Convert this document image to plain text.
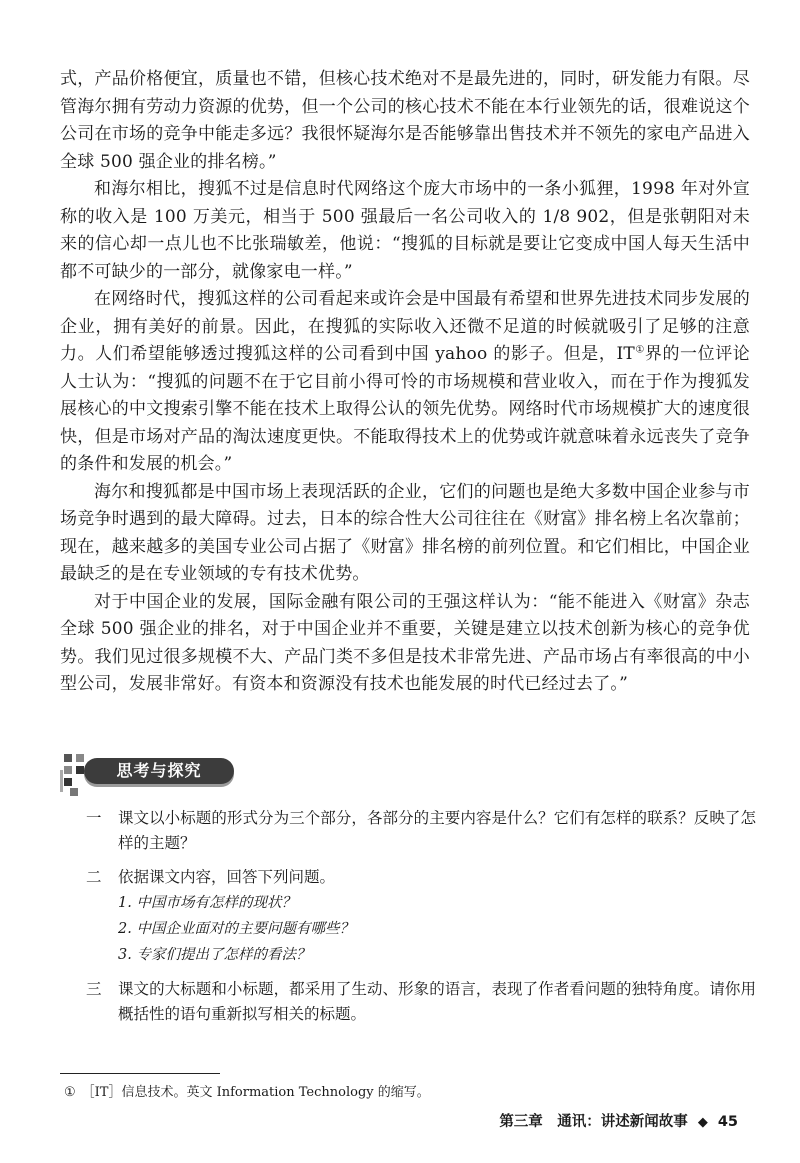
式，产品价格便宜，质量也不错，但核心技术绝对不是最先进的，同时，研发能力有限。尽管海尔拥有劳动力资源的优势，但一个公司的核心技术不能在本行业领先的话，很难说这个公司在市场的竞争中能走多远？我很怀疑海尔是否能够靠出售技术并不领先的家电产品进入全球 500 强企业的排名榜。”

和海尔相比，搜狐不过是信息时代网络这个庞大市场中的一条小狐狸，1998 年对外宣称的收入是 100 万美元，相当于 500 强最后一名公司收入的 1/8 902，但是张朝阳对未来的信心却一点儿也不比张瑞敏差，他说：“搜狐的目标就是要让它变成中国人每天生活中都不可缺少的一部分，就像家电一样。”

在网络时代，搜狐这样的公司看起来或许会是中国最有希望和世界先进技术同步发展的企业，拥有美好的前景。因此，在搜狐的实际收入还微不足道的时候就吸引了足够的注意力。人们希望能够透过搜狐这样的公司看到中国 yahoo 的影子。但是，IT①界的一位评论人士认为：“搜狐的问题不在于它目前小得可怜的市场规模和营业收入，而在于作为搜狐发展核心的中文搜索引擎不能在技术上取得公认的领先优势。网络时代市场规模扩大的速度很快，但是市场对产品的淘汰速度更快。不能取得技术上的优势或许就意味着永远丧失了竞争的条件和发展的机会。”

海尔和搜狐都是中国市场上表现活跃的企业，它们的问题也是绝大多数中国企业参与市场竞争时遇到的最大障碍。过去，日本的综合性大公司往往在《财富》排名榜上名次靠前；现在，越来越多的美国专业公司占据了《财富》排名榜的前列位置。和它们相比，中国企业最缺乏的是在专业领域的专有技术优势。

对于中国企业的发展，国际金融有限公司的王强这样认为：“能不能进入《财富》杂志全球 500 强企业的排名，对于中国企业并不重要，关键是建立以技术创新为核心的竞争优势。我们见过很多规模不大、产品门类不多但是技术非常先进、产品市场占有率很高的中小型公司，发展非常好。有资本和资源没有技术也能发展的时代已经过去了。”

思考与探究
一 课文以小标题的形式分为三个部分，各部分的主要内容是什么？它们有怎样的联系？反映了怎样的主题？
二 依据课文内容，回答下列问题。
1. 中国市场有怎样的现状？
2. 中国企业面对的主要问题有哪些？
3. 专家们提出了怎样的看法？
三 课文的大标题和小标题，都采用了生动、形象的语言，表现了作者看问题的独特角度。请你用概括性的语句重新拟写相关的标题。
① ［IT］信息技术。英文 Information Technology 的缩写。
第三章　通讯：讲述新闻故事 ◆ 45
